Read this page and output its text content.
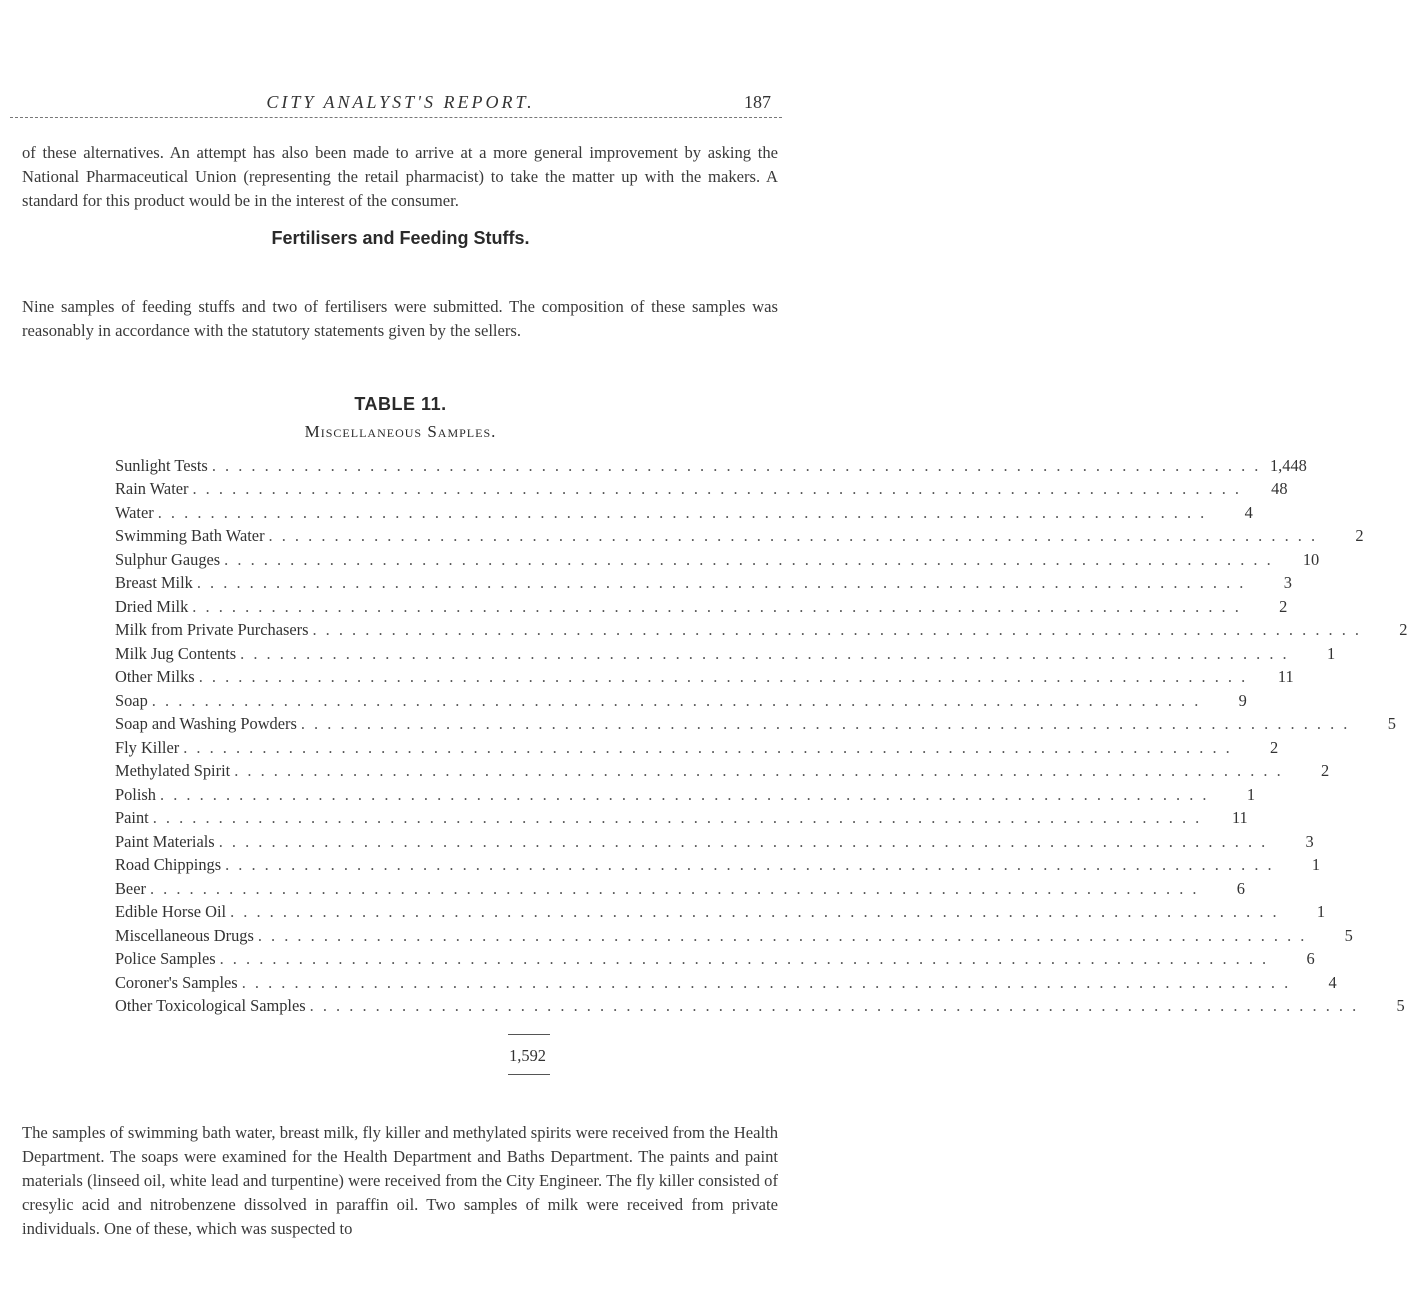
CITY ANALYST'S REPORT.	187

of these alternatives. An attempt has also been made to arrive at a more general improvement by asking the National Pharmaceutical Union (representing the retail pharmacist) to take the matter up with the makers. A standard for this product would be in the interest of the consumer.

Fertilisers and Feeding Stuffs.

Nine samples of feeding stuffs and two of fertilisers were submitted. The composition of these samples was reasonably in accordance with the statutory statements given by the sellers.

TABLE 11.
Miscellaneous Samples.
Sunlight Tests . . . . . . . . . . . . . . . . . . . . . . . . . . . . . . . . . . . . . . . . . . . . . . . . . . . . . . . . . . . . . . . . . . . . . . . . . . . . . . . . 1,448
Rain Water . . . . . . . . . . . . . . . . . . . . . . . . . . . . . . . . . . . . . . . . . . . . . . . . . . . . . . . . . . . . . . . . . . . . . . . . . . . . . . . .	48
Water . . . . . . . . . . . . . . . . . . . . . . . . . . . . . . . . . . . . . . . . . . . . . . . . . . . . . . . . . . . . . . . . . . . . . . . . . . . . . . . .	4
Swimming Bath Water . . . . . . . . . . . . . . . . . . . . . . . . . . . . . . . . . . . . . . . . . . . . . . . . . . . . . . . . . . . . . . . . . . . . . . . . . . . . . . . .	2
Sulphur Gauges . . . . . . . . . . . . . . . . . . . . . . . . . . . . . . . . . . . . . . . . . . . . . . . . . . . . . . . . . . . . . . . . . . . . . . . . . . . . . . . .	10
Breast Milk . . . . . . . . . . . . . . . . . . . . . . . . . . . . . . . . . . . . . . . . . . . . . . . . . . . . . . . . . . . . . . . . . . . . . . . . . . . . . . . .	3
Dried Milk . . . . . . . . . . . . . . . . . . . . . . . . . . . . . . . . . . . . . . . . . . . . . . . . . . . . . . . . . . . . . . . . . . . . . . . . . . . . . . . .	2
Milk from Private Purchasers . . . . . . . . . . . . . . . . . . . . . . . . . . . . . . . . . . . . . . . . . . . . . . . . . . . . . . . . . . . . . . . . . . . . . . . . . . . . . . . .	2
Milk Jug Contents . . . . . . . . . . . . . . . . . . . . . . . . . . . . . . . . . . . . . . . . . . . . . . . . . . . . . . . . . . . . . . . . . . . . . . . . . . . . . . . .	1
Other Milks . . . . . . . . . . . . . . . . . . . . . . . . . . . . . . . . . . . . . . . . . . . . . . . . . . . . . . . . . . . . . . . . . . . . . . . . . . . . . . . .	11
Soap . . . . . . . . . . . . . . . . . . . . . . . . . . . . . . . . . . . . . . . . . . . . . . . . . . . . . . . . . . . . . . . . . . . . . . . . . . . . . . . .	9
Soap and Washing Powders . . . . . . . . . . . . . . . . . . . . . . . . . . . . . . . . . . . . . . . . . . . . . . . . . . . . . . . . . . . . . . . . . . . . . . . . . . . . . . . .	5
Fly Killer . . . . . . . . . . . . . . . . . . . . . . . . . . . . . . . . . . . . . . . . . . . . . . . . . . . . . . . . . . . . . . . . . . . . . . . . . . . . . . . .	2
Methylated Spirit . . . . . . . . . . . . . . . . . . . . . . . . . . . . . . . . . . . . . . . . . . . . . . . . . . . . . . . . . . . . . . . . . . . . . . . . . . . . . . . .	2
Polish . . . . . . . . . . . . . . . . . . . . . . . . . . . . . . . . . . . . . . . . . . . . . . . . . . . . . . . . . . . . . . . . . . . . . . . . . . . . . . . .	1
Paint . . . . . . . . . . . . . . . . . . . . . . . . . . . . . . . . . . . . . . . . . . . . . . . . . . . . . . . . . . . . . . . . . . . . . . . . . . . . . . . .	11
Paint Materials . . . . . . . . . . . . . . . . . . . . . . . . . . . . . . . . . . . . . . . . . . . . . . . . . . . . . . . . . . . . . . . . . . . . . . . . . . . . . . . .	3
Road Chippings . . . . . . . . . . . . . . . . . . . . . . . . . . . . . . . . . . . . . . . . . . . . . . . . . . . . . . . . . . . . . . . . . . . . . . . . . . . . . . . .	1
Beer . . . . . . . . . . . . . . . . . . . . . . . . . . . . . . . . . . . . . . . . . . . . . . . . . . . . . . . . . . . . . . . . . . . . . . . . . . . . . . . .	6
Edible Horse Oil . . . . . . . . . . . . . . . . . . . . . . . . . . . . . . . . . . . . . . . . . . . . . . . . . . . . . . . . . . . . . . . . . . . . . . . . . . . . . . . .	1
Miscellaneous Drugs . . . . . . . . . . . . . . . . . . . . . . . . . . . . . . . . . . . . . . . . . . . . . . . . . . . . . . . . . . . . . . . . . . . . . . . . . . . . . . . .	5
Police Samples . . . . . . . . . . . . . . . . . . . . . . . . . . . . . . . . . . . . . . . . . . . . . . . . . . . . . . . . . . . . . . . . . . . . . . . . . . . . . . . .	6
Coroner's Samples . . . . . . . . . . . . . . . . . . . . . . . . . . . . . . . . . . . . . . . . . . . . . . . . . . . . . . . . . . . . . . . . . . . . . . . . . . . . . . . .	4
Other Toxicological Samples . . . . . . . . . . . . . . . . . . . . . . . . . . . . . . . . . . . . . . . . . . . . . . . . . . . . . . . . . . . . . . . . . . . . . . . . . . . . . . . .	5
1,592

The samples of swimming bath water, breast milk, fly killer and methylated spirits were received from the Health Department. The soaps were examined for the Health Department and Baths Department. The paints and paint materials (linseed oil, white lead and turpentine) were received from the City Engineer. The fly killer consisted of cresylic acid and nitrobenzene dissolved in paraffin oil. Two samples of milk were received from private individuals. One of these, which was suspected to
